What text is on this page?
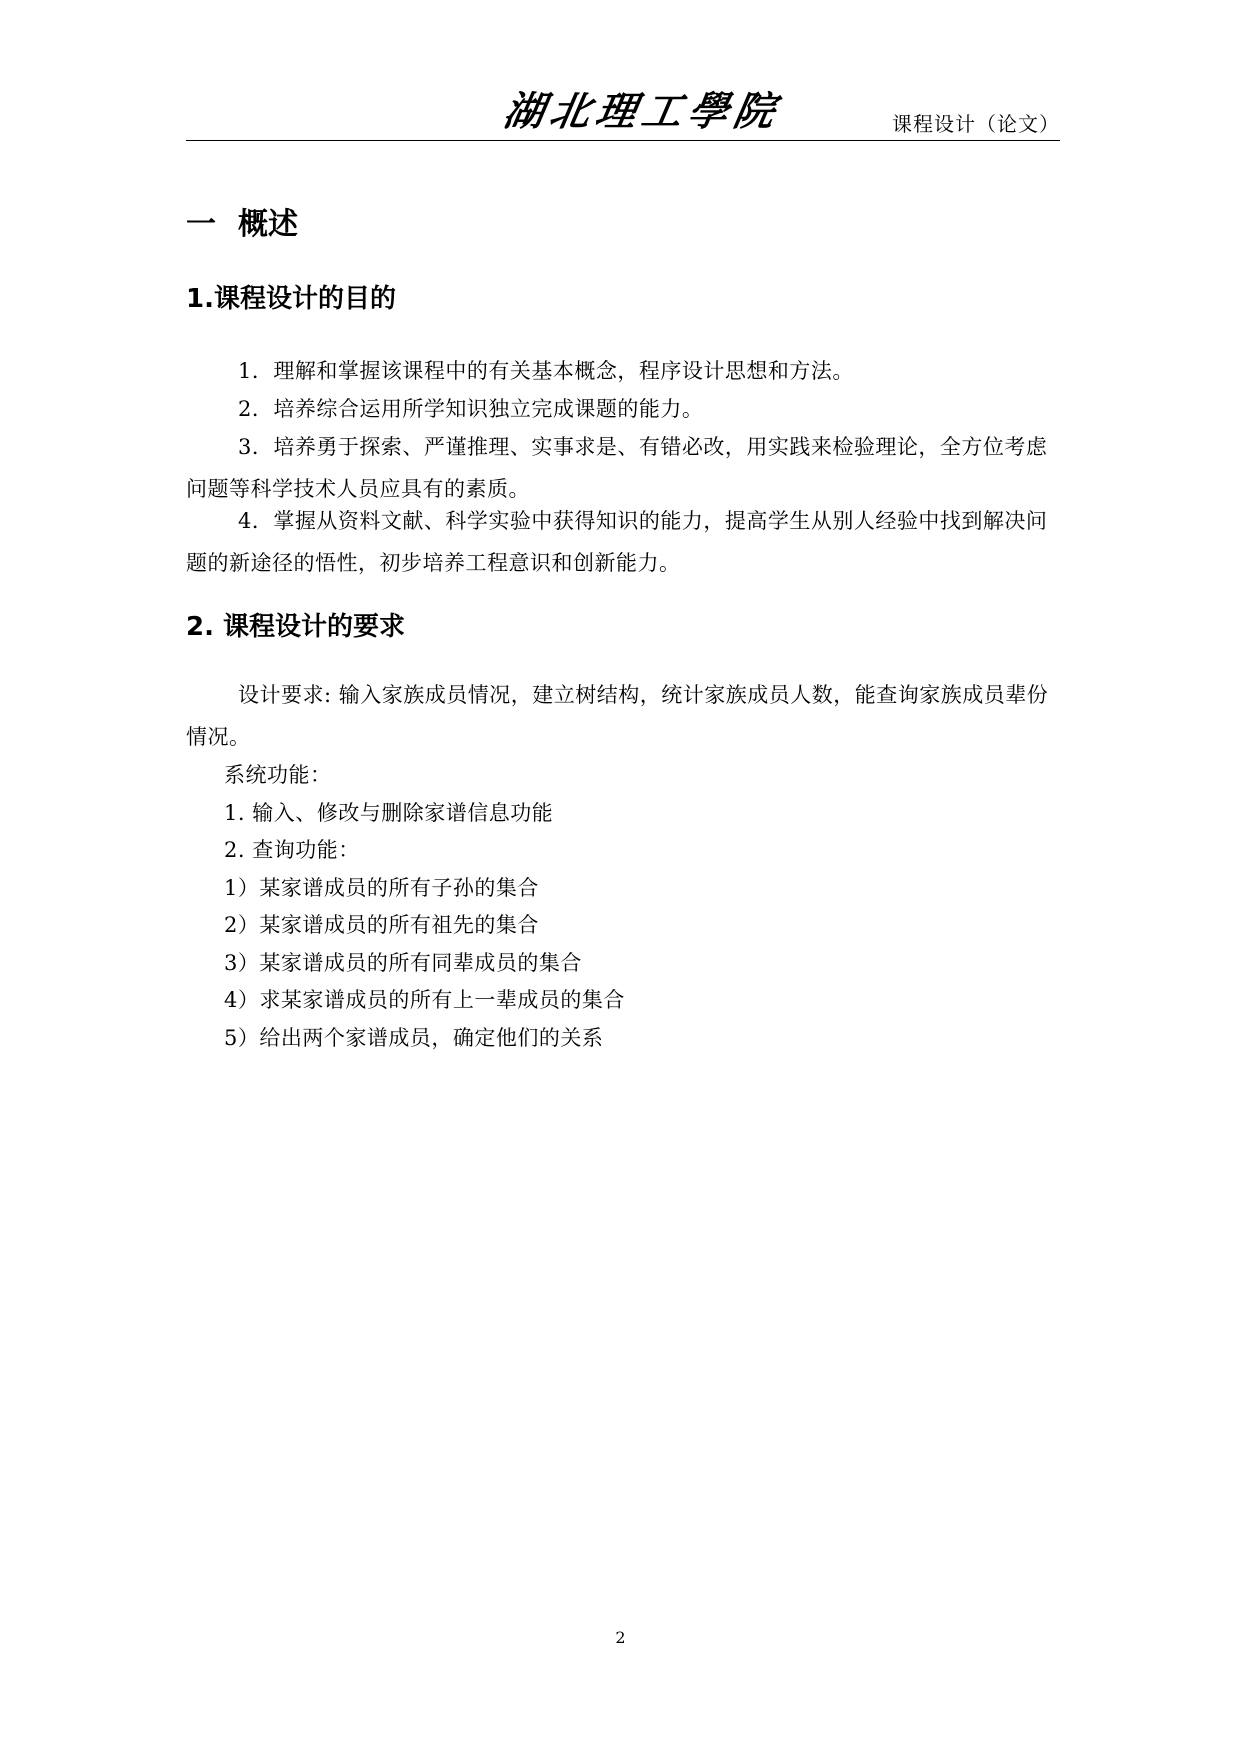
湖北理工學院	课程设计（论文）
一 概述
1.课程设计的目的
1．理解和掌握该课程中的有关基本概念，程序设计思想和方法。
2．培养综合运用所学知识独立完成课题的能力。
3．培养勇于探索、严谨推理、实事求是、有错必改，用实践来检验理论，全方位考虑问题等科学技术人员应具有的素质。
4．掌握从资料文献、科学实验中获得知识的能力，提高学生从别人经验中找到解决问题的新途径的悟性，初步培养工程意识和创新能力。
2. 课程设计的要求
设计要求: 输入家族成员情况，建立树结构，统计家族成员人数，能查询家族成员辈份情况。
系统功能：
1. 输入、修改与删除家谱信息功能
2. 查询功能：
1）某家谱成员的所有子孙的集合
2）某家谱成员的所有祖先的集合
3）某家谱成员的所有同辈成员的集合
4）求某家谱成员的所有上一辈成员的集合
5）给出两个家谱成员，确定他们的关系
2
